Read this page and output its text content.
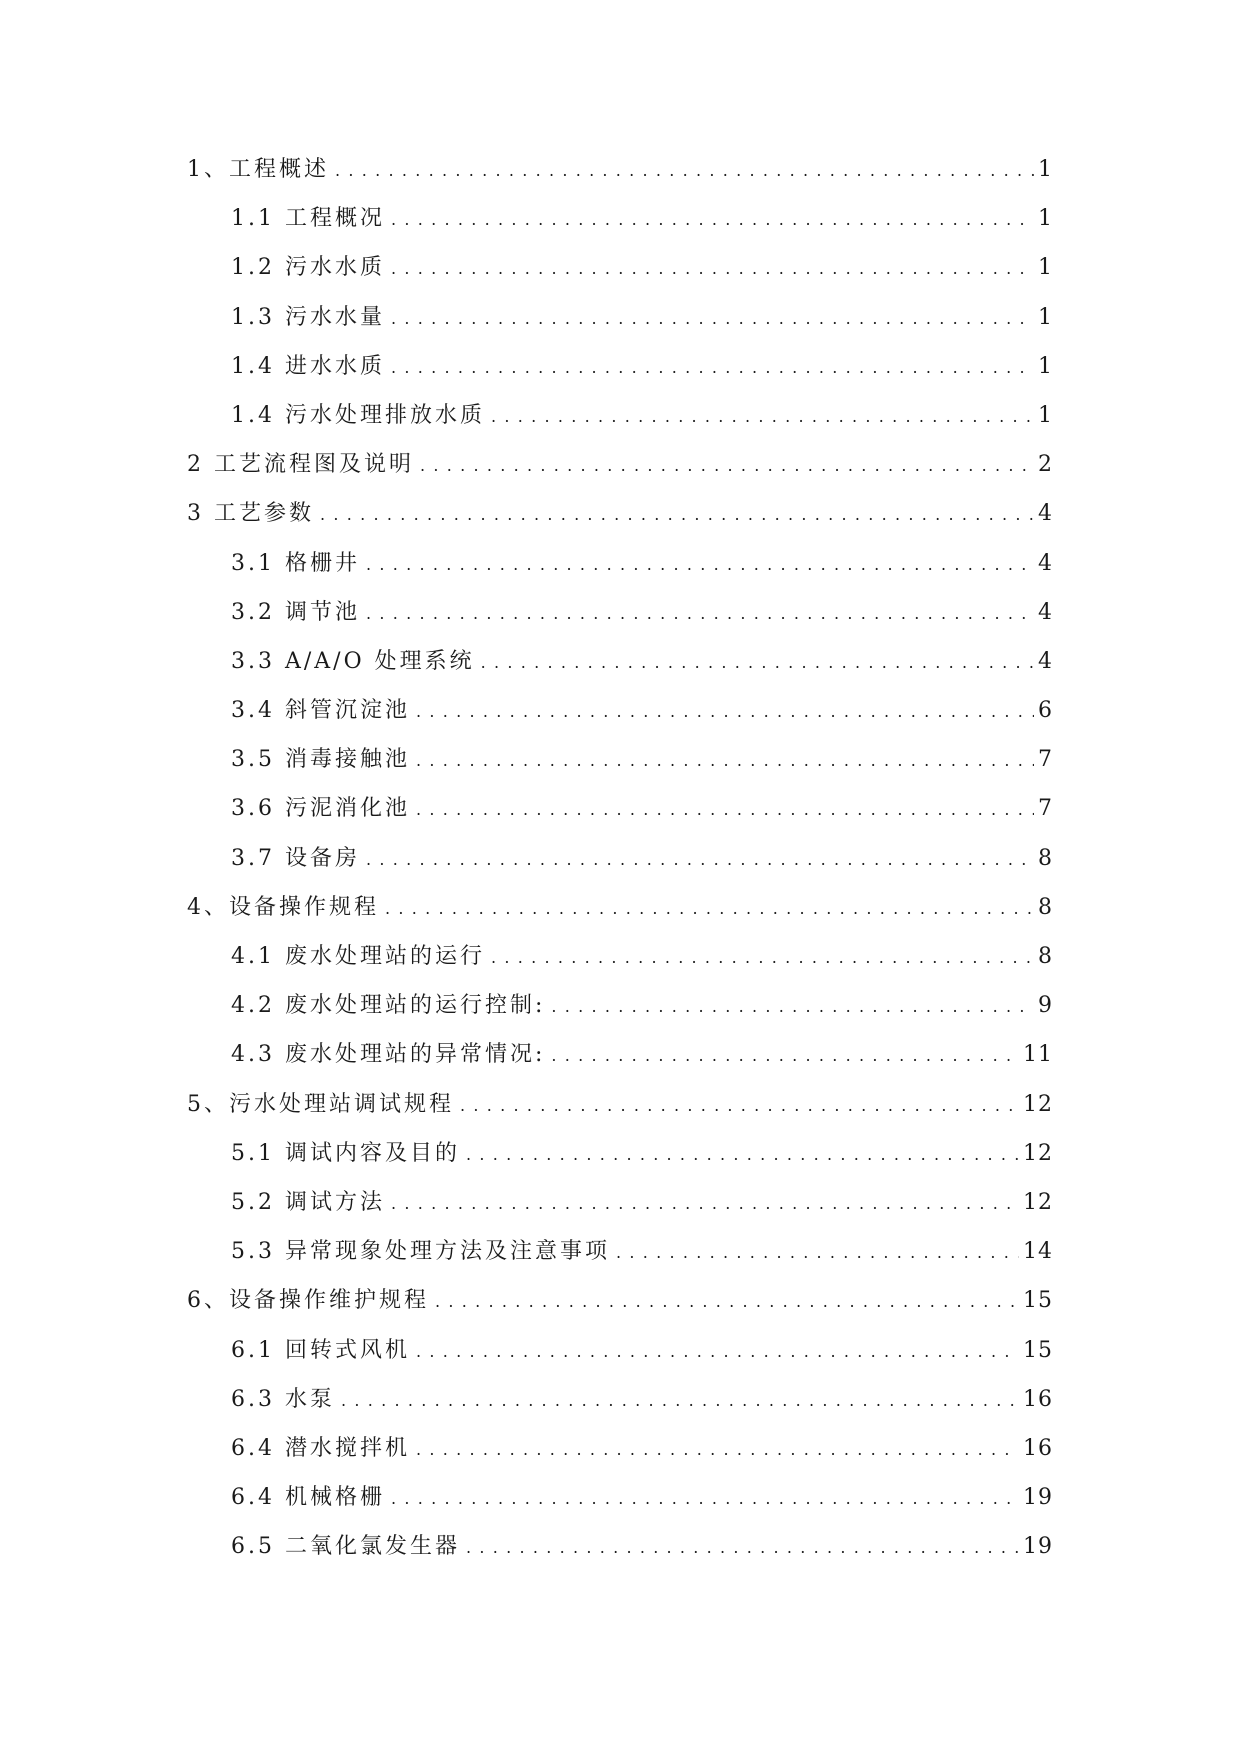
1、工程概述 . . .	1
1.1 工程概况 . . .	1
1.2 污水水质 . . .	1
1.3 污水水量 . . .	1
1.4 进水水质 . . .	1
1.4 污水处理排放水质 . . .	1
2 工艺流程图及说明 . . .	2
3 工艺参数 . . .	4
3.1 格栅井 . . .	4
3.2 调节池 . . .	4
3.3 A/A/O 处理系统 . . .	4
3.4 斜管沉淀池 . . .	6
3.5 消毒接触池 . . .	7
3.6 污泥消化池 . . .	7
3.7 设备房 . . .	8
4、设备操作规程 . . .	8
4.1 废水处理站的运行 . . .	8
4.2 废水处理站的运行控制: . . .	9
4.3 废水处理站的异常情况: . . .	11
5、污水处理站调试规程 . . .	12
5.1 调试内容及目的 . . .	12
5.2 调试方法 . . .	12
5.3 异常现象处理方法及注意事项 . . .	14
6、设备操作维护规程 . . .	15
6.1 回转式风机 . . .	15
6.3 水泵 . . .	16
6.4 潜水搅拌机 . . .	16
6.4 机械格栅 . . .	19
6.5 二氧化氯发生器 . . .	19
